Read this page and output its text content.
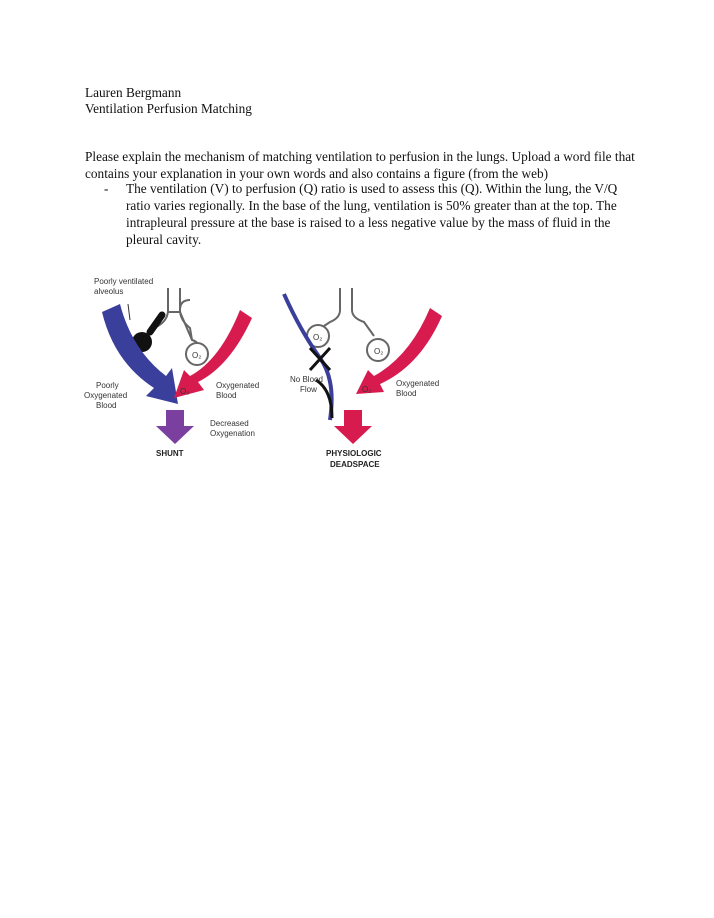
Lauren Bergmann
Ventilation Perfusion Matching
Please explain the mechanism of matching ventilation to perfusion in the lungs. Upload a word file that contains your explanation in your own words and also contains a figure (from the web)
- The ventilation (V) to perfusion (Q) ratio is used to assess this (Q). Within the lung, the V/Q ratio varies regionally. In the base of the lung, ventilation is 50% greater than at the top. The intrapleural pressure at the base is raised to a less negative value by the mass of fluid in the pleural cavity.
Poorly ventilated
alveolus
O₂
O₂
Poorly
Oxygenated
Blood
Oxygenated
Blood
Decreased
Oxygenation
SHUNT
O₂
O₂
O₂
No Blood
Flow
Oxygenated
Blood
PHYSIOLOGIC
DEADSPACE
